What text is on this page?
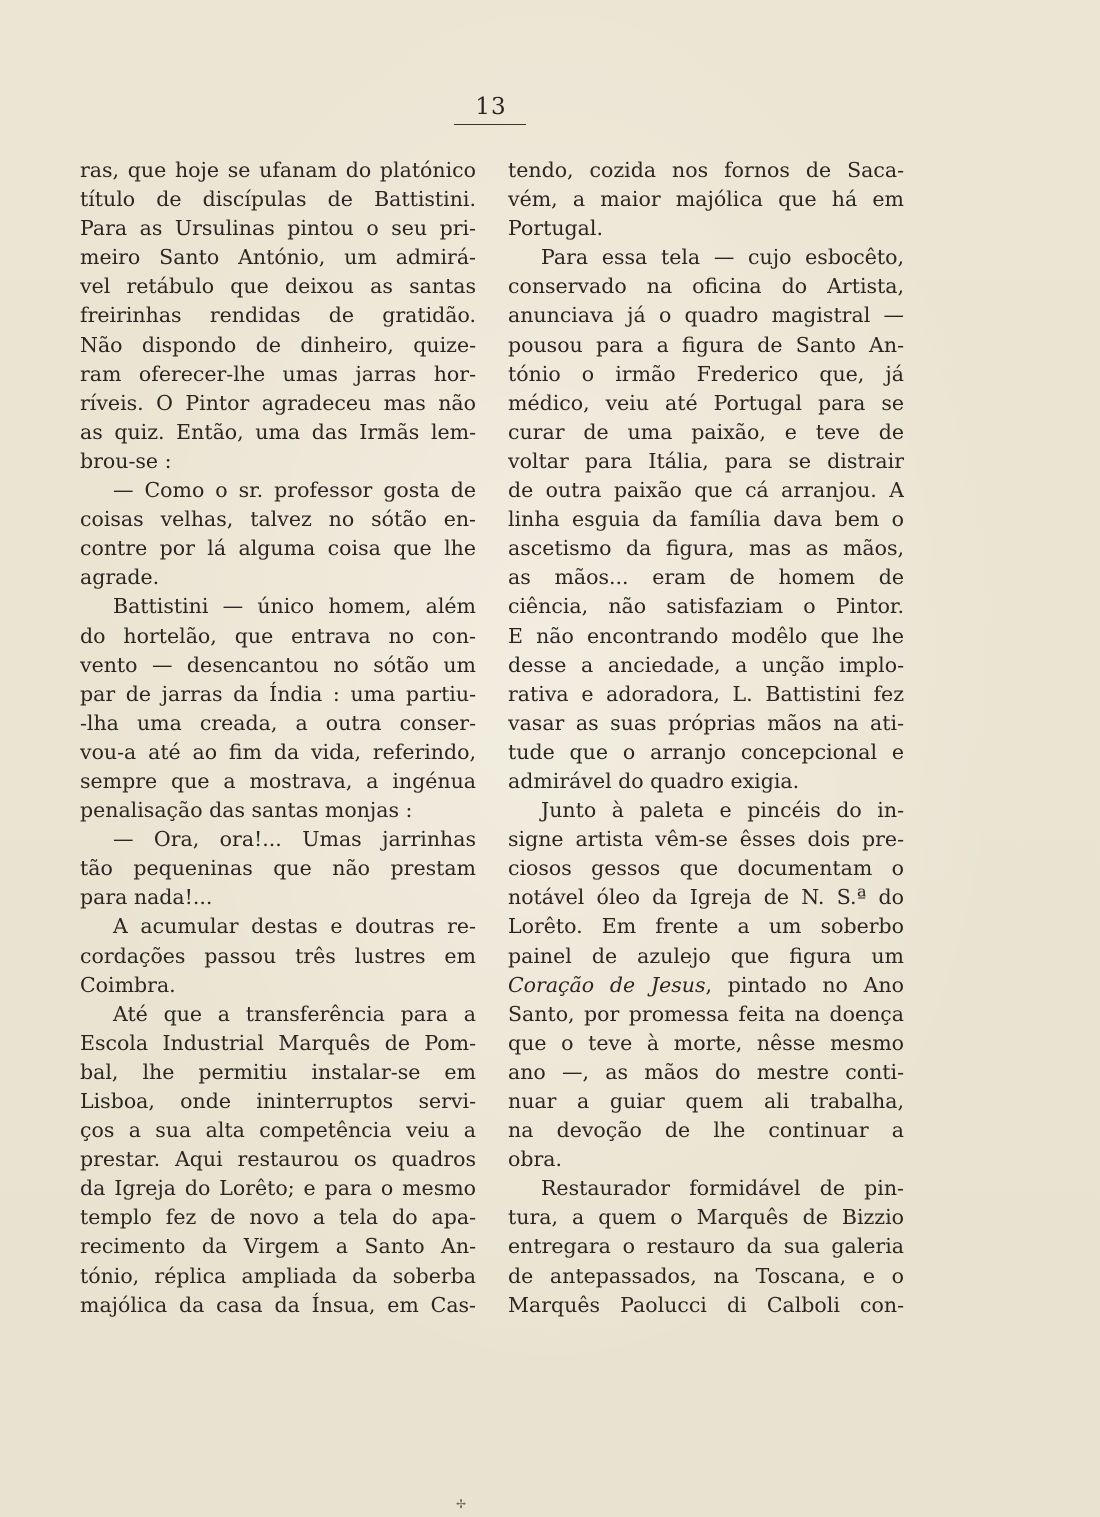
13
ras, que hoje se ufanam do platónico
título de discípulas de Battistini.
Para as Ursulinas pintou o seu pri-
meiro Santo António, um admirá-
vel retábulo que deixou as santas
freirinhas rendidas de gratidão.
Não dispondo de dinheiro, quize-
ram oferecer-lhe umas jarras hor-
ríveis. O Pintor agradeceu mas não
as quiz. Então, uma das Irmãs lem-
brou-se :
— Como o sr. professor gosta de
coisas velhas, talvez no sótão en-
contre por lá alguma coisa que lhe
agrade.
Battistini — único homem, além
do hortelão, que entrava no con-
vento — desencantou no sótão um
par de jarras da Índia : uma partiu-
-lha uma creada, a outra conser-
vou-a até ao fim da vida, referindo,
sempre que a mostrava, a ingénua
penalisação das santas monjas :
— Ora, ora!... Umas jarrinhas
tão pequeninas que não prestam
para nada!...
A acumular destas e doutras re-
cordações passou três lustres em
Coimbra.
Até que a transferência para a
Escola Industrial Marquês de Pom-
bal, lhe permitiu instalar-se em
Lisboa, onde ininterruptos servi-
ços a sua alta competência veiu a
prestar. Aqui restaurou os quadros
da Igreja do Lorêto; e para o mesmo
templo fez de novo a tela do apa-
recimento da Virgem a Santo An-
tónio, réplica ampliada da soberba
majólica da casa da Ínsua, em Cas-
tendo, cozida nos fornos de Saca-
vém, a maior majólica que há em
Portugal.
Para essa tela — cujo esbocêto,
conservado na oficina do Artista,
anunciava já o quadro magistral —
pousou para a figura de Santo An-
tónio o irmão Frederico que, já
médico, veiu até Portugal para se
curar de uma paixão, e teve de
voltar para Itália, para se distrair
de outra paixão que cá arranjou. A
linha esguia da família dava bem o
ascetismo da figura, mas as mãos,
as mãos... eram de homem de
ciência, não satisfaziam o Pintor.
E não encontrando modêlo que lhe
desse a anciedade, a unção implo-
rativa e adoradora, L. Battistini fez
vasar as suas próprias mãos na ati-
tude que o arranjo concepcional e
admirável do quadro exigia.
Junto à paleta e pincéis do in-
signe artista vêm-se êsses dois pre-
ciosos gessos que documentam o
notável óleo da Igreja de N. S.ª do
Lorêto. Em frente a um soberbo
painel de azulejo que figura um
Coração de Jesus, pintado no Ano
Santo, por promessa feita na doença
que o teve à morte, nêsse mesmo
ano —, as mãos do mestre conti-
nuar a guiar quem ali trabalha,
na devoção de lhe continuar a
obra.
Restaurador formidável de pin-
tura, a quem o Marquês de Bizzio
entregara o restauro da sua galeria
de antepassados, na Toscana, e o
Marquês Paolucci di Calboli con-
✢
